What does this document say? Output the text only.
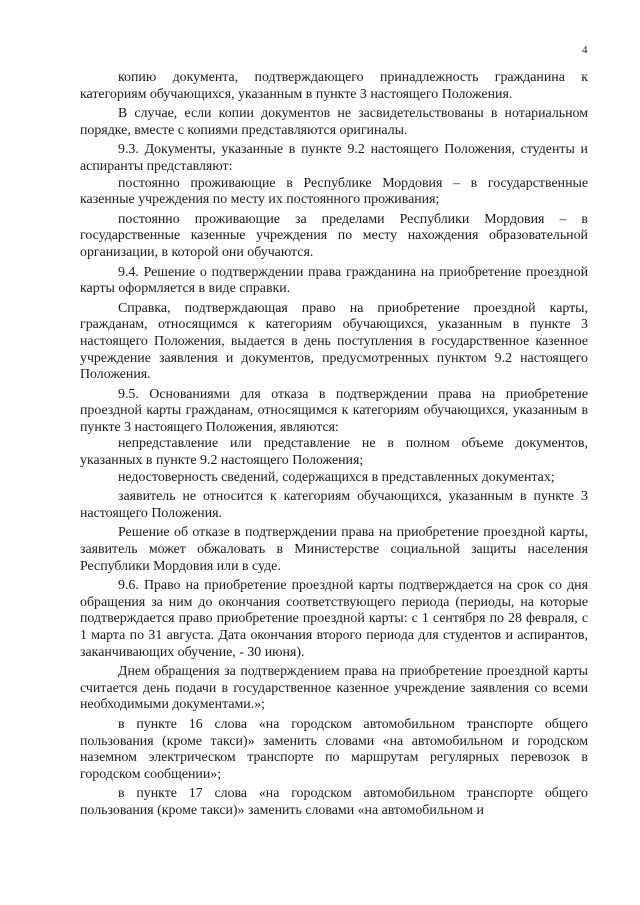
4

копию документа, подтверждающего принадлежность гражданина к категориям обучающихся, указанным в пункте 3 настоящего Положения.

В случае, если копии документов не засвидетельствованы в нотариальном порядке, вместе с копиями представляются оригиналы.

9.3. Документы, указанные в пункте 9.2 настоящего Положения, студенты и аспиранты представляют:

постоянно проживающие в Республике Мордовия – в государственные казенные учреждения по месту их постоянного проживания;

постоянно проживающие за пределами Республики Мордовия – в государственные казенные учреждения по месту нахождения образовательной организации, в которой они обучаются.

9.4. Решение о подтверждении права гражданина на приобретение проездной карты оформляется в виде справки.

Справка, подтверждающая право на приобретение проездной карты, гражданам, относящимся к категориям обучающихся, указанным в пункте 3 настоящего Положения, выдается в день поступления в государственное казенное учреждение заявления и документов, предусмотренных пунктом 9.2 настоящего Положения.

9.5. Основаниями для отказа в подтверждении права на приобретение проездной карты гражданам, относящимся к категориям обучающихся, указанным в пункте 3 настоящего Положения, являются:

непредставление или представление не в полном объеме документов, указанных в пункте 9.2 настоящего Положения;

недостоверность сведений, содержащихся в представленных документах;

заявитель не относится к категориям обучающихся, указанным в пункте 3 настоящего Положения.

Решение об отказе в подтверждении права на приобретение проездной карты, заявитель может обжаловать в Министерстве социальной защиты населения Республики Мордовия или в суде.

9.6. Право на приобретение проездной карты подтверждается на срок со дня обращения за ним до окончания соответствующего периода (периоды, на которые подтверждается право приобретение проездной карты: с 1 сентября по 28 февраля, с 1 марта по 31 августа. Дата окончания второго периода для студентов и аспирантов, заканчивающих обучение, - 30 июня).

Днем обращения за подтверждением права на приобретение проездной карты считается день подачи в государственное казенное учреждение заявления со всеми необходимыми документами.»;

в пункте 16 слова «на городском автомобильном транспорте общего пользования (кроме такси)» заменить словами «на автомобильном и городском наземном электрическом транспорте по маршрутам регулярных перевозок в городском сообщении»;

в пункте 17 слова «на городском автомобильном транспорте общего пользования (кроме такси)» заменить словами «на автомобильном и
